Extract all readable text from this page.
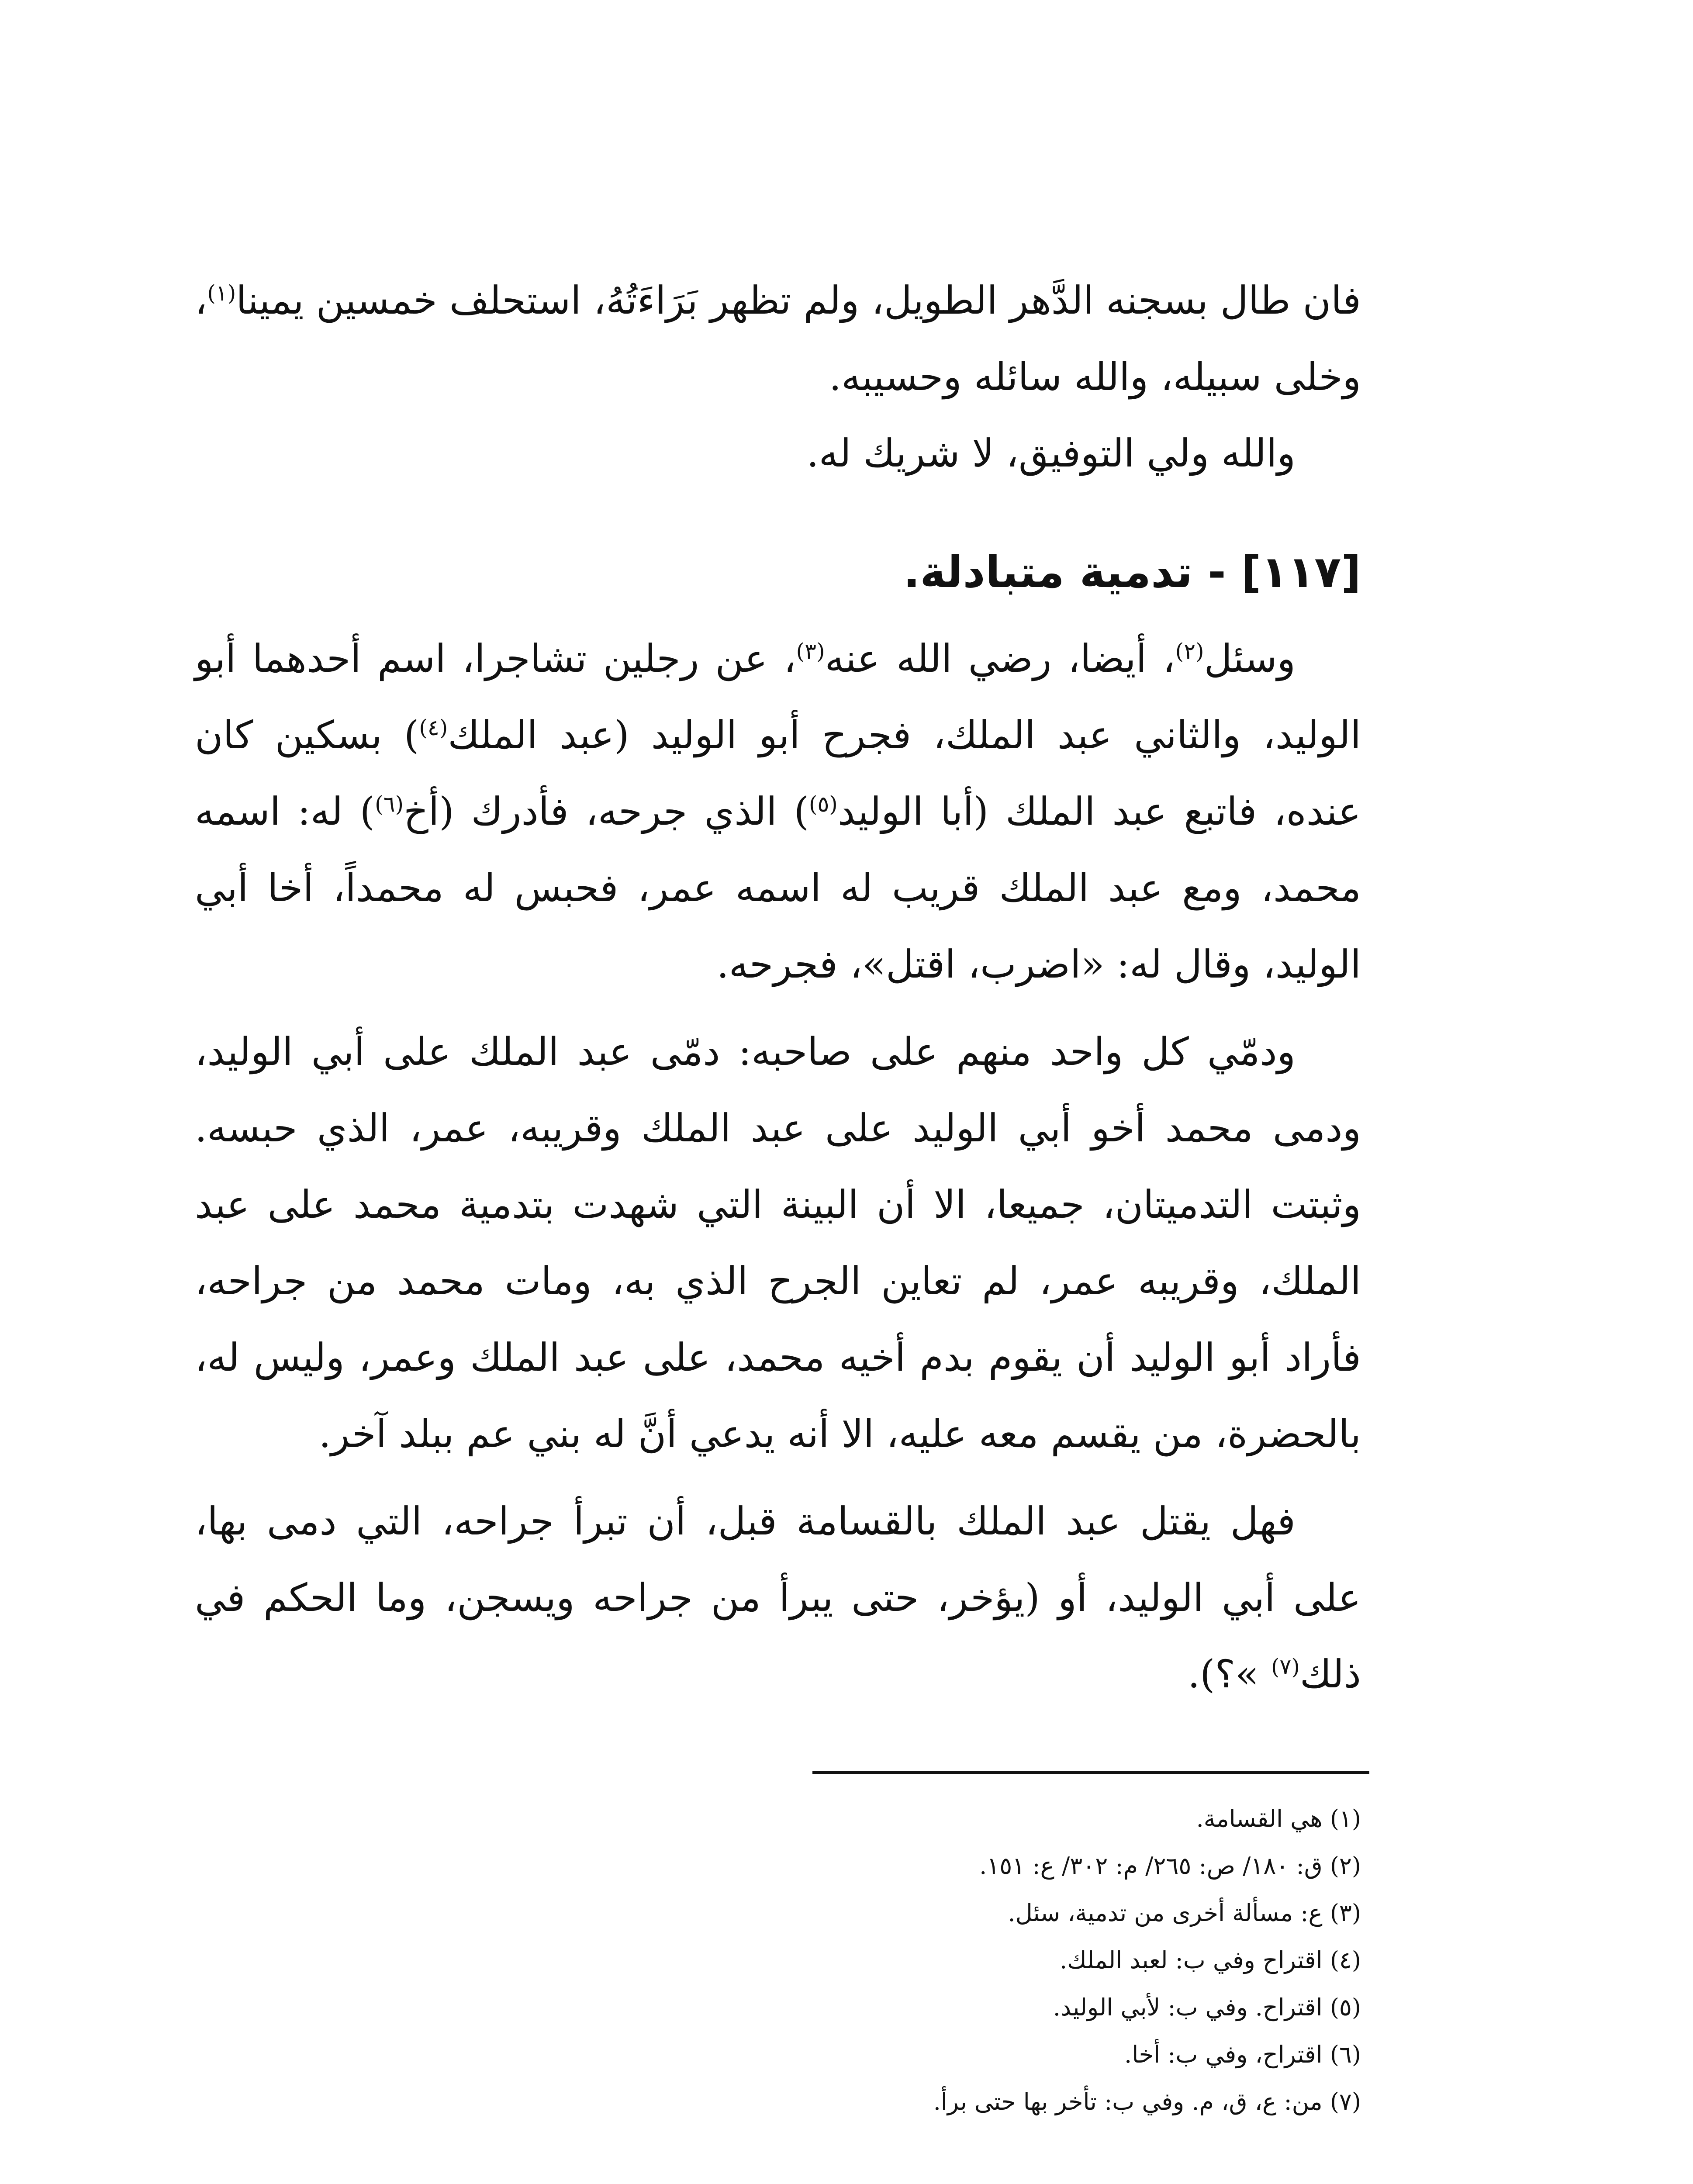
فان طال بسجنه الدَّهر الطويل، ولم تظهر بَرَاءَتُهُ، استحلف خمسين يمينا$^{(١)}$، وخلى سبيله، والله سائله وحسيبه.

والله ولي التوفيق، لا شريك له.

[١١٧] - تدمية متبادلة.

وسئل$^{(٢)}$، أيضا، رضي الله عنه$^{(٣)}$، عن رجلين تشاجرا، اسم أحدهما أبو الوليد، والثاني عبد الملك، فجرح أبو الوليد (عبد الملك$^{(٤)}$) بسكين كان عنده، فاتبع عبد الملك (أبا الوليد$^{(٥)}$) الذي جرحه، فأدرك (أخ$^{(٦)}$) له: اسمه محمد، ومع عبد الملك قريب له اسمه عمر، فحبس له محمداً، أخا أبي الوليد، وقال له: «اضرب، اقتل»، فجرحه.

ودمّي كل واحد منهم على صاحبه: دمّى عبد الملك على أبي الوليد، ودمى محمد أخو أبي الوليد على عبد الملك وقريبه، عمر، الذي حبسه. وثبتت التدميتان، جميعا، الا أن البينة التي شهدت بتدمية محمد على عبد الملك، وقريبه عمر، لم تعاين الجرح الذي به، ومات محمد من جراحه، فأراد أبو الوليد أن يقوم بدم أخيه محمد، على عبد الملك وعمر، وليس له، بالحضرة، من يقسم معه عليه، الا أنه يدعي أنَّ له بني عم ببلد آخر.

فهل يقتل عبد الملك بالقسامة قبل، أن تبرأ جراحه، التي دمى بها، على أبي الوليد، أو (يؤخر، حتى يبرأ من جراحه ويسجن، وما الحكم في ذلك$^{(٧)}$ »؟).

(١) هي القسامة.
(٢) ق: ١٨٠/ ص: ٢٦٥/ م: ٣٠٢/ ع: ١٥١.
(٣) ع: مسألة أخرى من تدمية، سئل.
(٤) اقتراح وفي ب: لعبد الملك.
(٥) اقتراح. وفي ب: لأبي الوليد.
(٦) اقتراح، وفي ب: أخا.
(٧) من: ع، ق، م. وفي ب: تأخر بها حتى برأ.
